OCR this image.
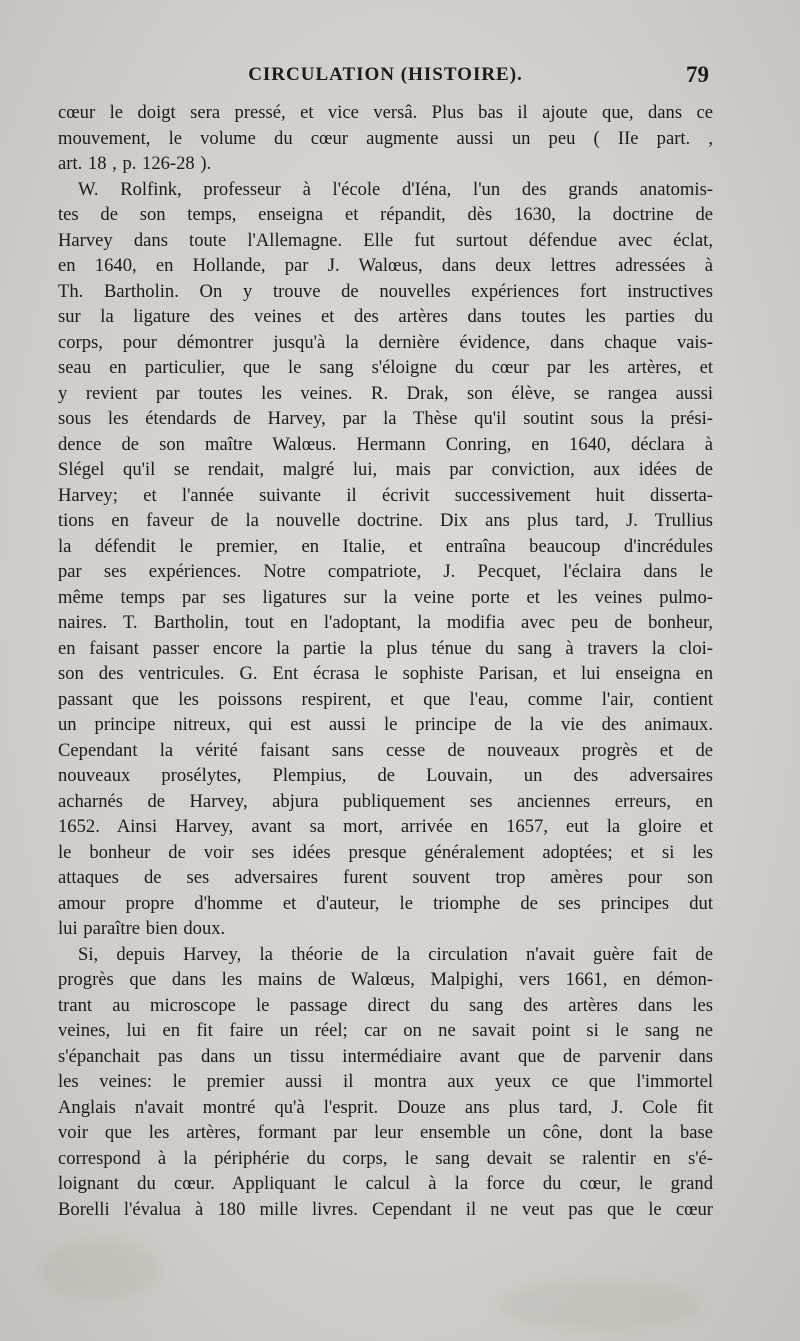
CIRCULATION (HISTOIRE).	79
cœur le doigt sera pressé, et vice versâ. Plus bas il ajoute que, dans ce
mouvement, le volume du cœur augmente aussi un peu ( IIe part. ,
art. 18 , p. 126-28 ).
W. Rolfink, professeur à l'école d'Iéna, l'un des grands anatomis-
tes de son temps, enseigna et répandit, dès 1630, la doctrine de
Harvey dans toute l'Allemagne. Elle fut surtout défendue avec éclat,
en 1640, en Hollande, par J. Walœus, dans deux lettres adressées à
Th. Bartholin. On y trouve de nouvelles expériences fort instructives
sur la ligature des veines et des artères dans toutes les parties du
corps, pour démontrer jusqu'à la dernière évidence, dans chaque vais-
seau en particulier, que le sang s'éloigne du cœur par les artères, et
y revient par toutes les veines. R. Drak, son élève, se rangea aussi
sous les étendards de Harvey, par la Thèse qu'il soutint sous la prési-
dence de son maître Walœus. Hermann Conring, en 1640, déclara à
Slégel qu'il se rendait, malgré lui, mais par conviction, aux idées de
Harvey; et l'année suivante il écrivit successivement huit disserta-
tions en faveur de la nouvelle doctrine. Dix ans plus tard, J. Trullius
la défendit le premier, en Italie, et entraîna beaucoup d'incrédules
par ses expériences. Notre compatriote, J. Pecquet, l'éclaira dans le
même temps par ses ligatures sur la veine porte et les veines pulmo-
naires. T. Bartholin, tout en l'adoptant, la modifia avec peu de bonheur,
en faisant passer encore la partie la plus ténue du sang à travers la cloi-
son des ventricules. G. Ent écrasa le sophiste Parisan, et lui enseigna en
passant que les poissons respirent, et que l'eau, comme l'air, contient
un principe nitreux, qui est aussi le principe de la vie des animaux.
Cependant la vérité faisant sans cesse de nouveaux progrès et de
nouveaux prosélytes, Plempius, de Louvain, un des adversaires
acharnés de Harvey, abjura publiquement ses anciennes erreurs, en
1652. Ainsi Harvey, avant sa mort, arrivée en 1657, eut la gloire et
le bonheur de voir ses idées presque généralement adoptées; et si les
attaques de ses adversaires furent souvent trop amères pour son
amour propre d'homme et d'auteur, le triomphe de ses principes dut
lui paraître bien doux.
Si, depuis Harvey, la théorie de la circulation n'avait guère fait de
progrès que dans les mains de Walœus, Malpighi, vers 1661, en démon-
trant au microscope le passage direct du sang des artères dans les
veines, lui en fit faire un réel; car on ne savait point si le sang ne
s'épanchait pas dans un tissu intermédiaire avant que de parvenir dans
les veines: le premier aussi il montra aux yeux ce que l'immortel
Anglais n'avait montré qu'à l'esprit. Douze ans plus tard, J. Cole fit
voir que les artères, formant par leur ensemble un cône, dont la base
correspond à la périphérie du corps, le sang devait se ralentir en s'é-
loignant du cœur. Appliquant le calcul à la force du cœur, le grand
Borelli l'évalua à 180 mille livres. Cependant il ne veut pas que le cœur
